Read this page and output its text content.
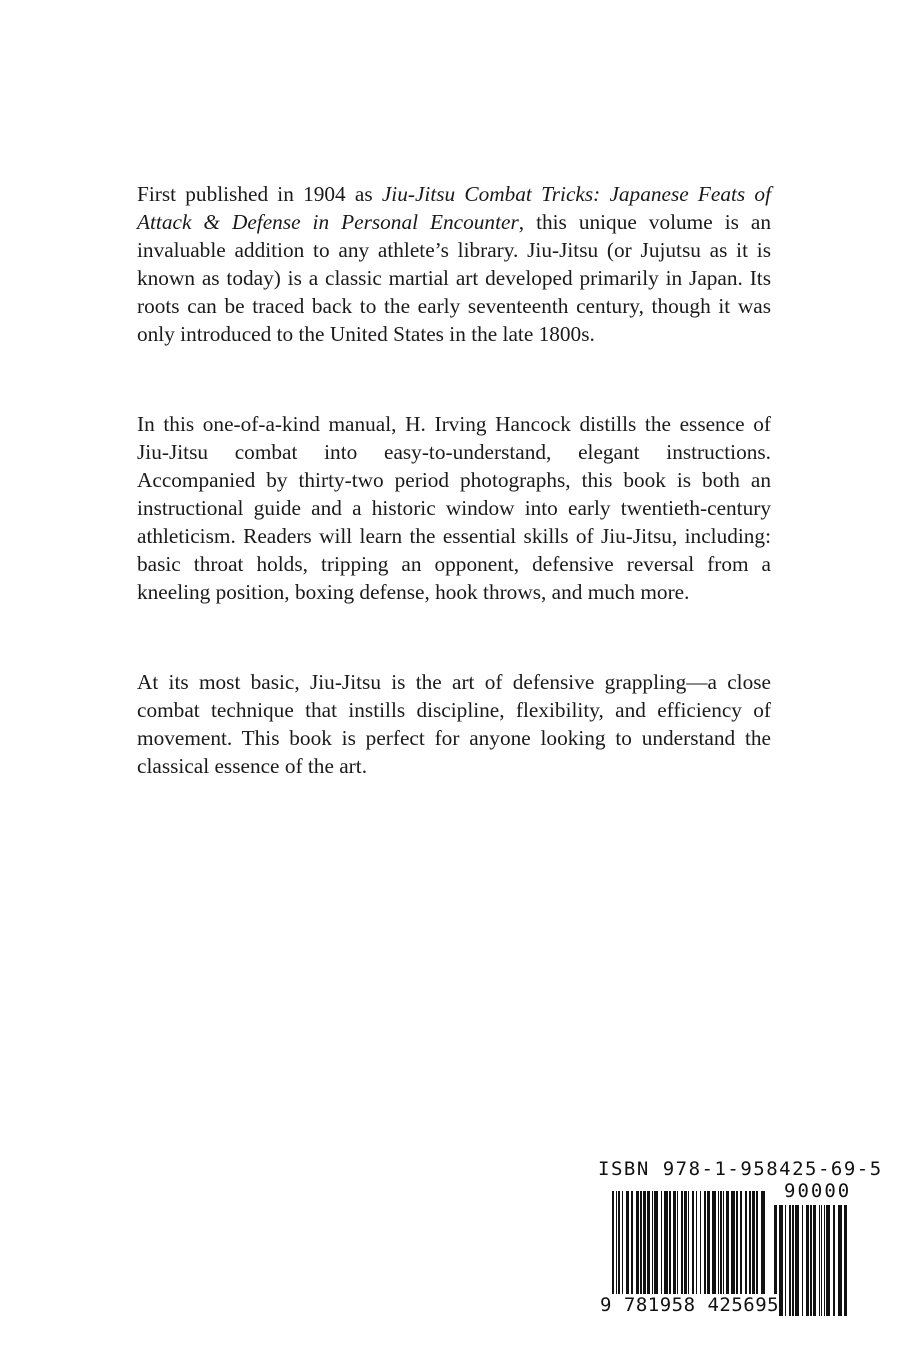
First published in 1904 as Jiu-Jitsu Combat Tricks: Japanese Feats of Attack & Defense in Personal Encounter, this unique volume is an invaluable addition to any athlete’s library. Jiu-Jitsu (or Jujutsu as it is known as today) is a classic martial art developed primarily in Japan. Its roots can be traced back to the early seventeenth century, though it was only introduced to the United States in the late 1800s.

In this one-of-a-kind manual, H. Irving Hancock distills the essence of Jiu-Jitsu combat into easy-to-understand, elegant instructions. Accompanied by thirty-two period photographs, this book is both an instructional guide and a historic window into early twentieth-century athleticism. Readers will learn the essential skills of Jiu-Jitsu, including: basic throat holds, tripping an opponent, defensive reversal from a kneeling position, boxing defense, hook throws, and much more.

At its most basic, Jiu-Jitsu is the art of defensive grappling—a close combat technique that instills discipline, flexibility, and efficiency of movement. This book is perfect for anyone looking to understand the classical essence of the art.

ISBN 978-1-958425-69-5
90000
9 781958 425695
